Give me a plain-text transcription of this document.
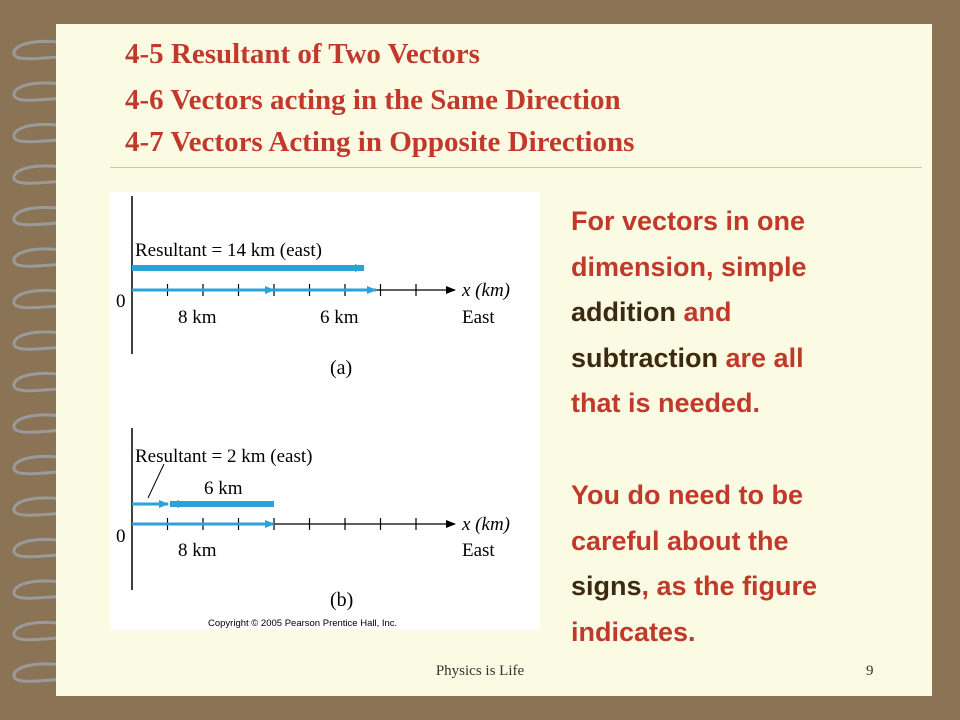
4-5 Resultant of Two Vectors
4-6 Vectors acting in the Same Direction
4-7 Vectors Acting in Opposite Directions
Resultant = 14 km (east)
0
8 km	6 km
x (km)
East
(a)
Resultant = 2 km (east)
6 km
0
8 km
x (km)
East
(b)
Copyright © 2005 Pearson Prentice Hall, Inc.
For vectors in one
dimension, simple
addition and
subtraction are all
that is needed.
You do need to be
careful about the
signs, as the figure
indicates.
Physics is Life	9
